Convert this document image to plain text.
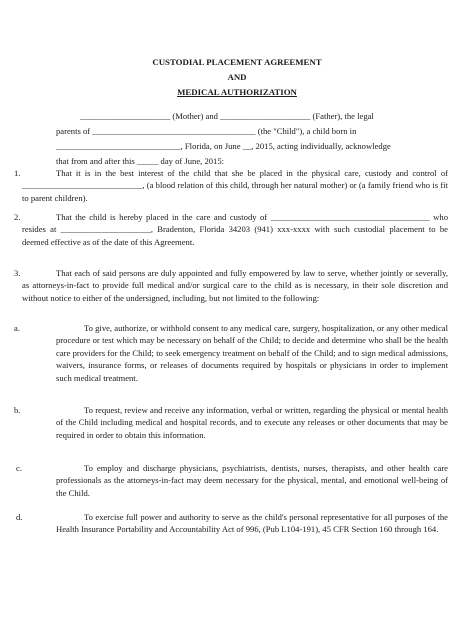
CUSTODIAL PLACEMENT AGREEMENT
AND
MEDICAL AUTHORIZATION
_____________________ (Mother) and _____________________ (Father), the legal
parents of ______________________________________ (the "Child"), a child born in
_____________________________, Florida, on June __, 2015, acting individually, acknowledge
that from and after this _____ day of June, 2015:
1.	That it is in the best interest of the child that she be placed in the physical care, custody and control of ____________________________, (a blood relation of this child, through her natural mother) or (a family friend who is fit to parent children).
2.	That the child is hereby placed in the care and custody of _____________________________________ who resides at _____________________, Bradenton, Florida 34203 (941) xxx-xxxx with such custodial placement to be deemed effective as of the date of this Agreement.
3.	That each of said persons are duly appointed and fully empowered by law to serve, whether jointly or severally, as attorneys-in-fact to provide full medical and/or surgical care to the child as is necessary, in their sole discretion and without notice to either of the undersigned, including, but not limited to the following:
a.	To give, authorize, or withhold consent to any medical care, surgery, hospitalization, or any other medical procedure or test which may be necessary on behalf of the Child; to decide and determine who shall be the health care providers for the Child; to seek emergency treatment on behalf of the Child; and to sign medical admissions, waivers, insurance forms, or releases of documents required by hospitals or physicians in order to implement such medical treatment.
b.	To request, review and receive any information, verbal or written, regarding the physical or mental health of the Child including medical and hospital records, and to execute any releases or other documents that may be required in order to obtain this information.
c.	To employ and discharge physicians, psychiatrists, dentists, nurses, therapists, and other health care professionals as the attorneys-in-fact may deem necessary for the physical, mental, and emotional well-being of the Child.
d.	To exercise full power and authority to serve as the child's personal representative for all purposes of the Health Insurance Portability and Accountability Act of 996, (Pub L104-191), 45 CFR Section 160 through 164.
